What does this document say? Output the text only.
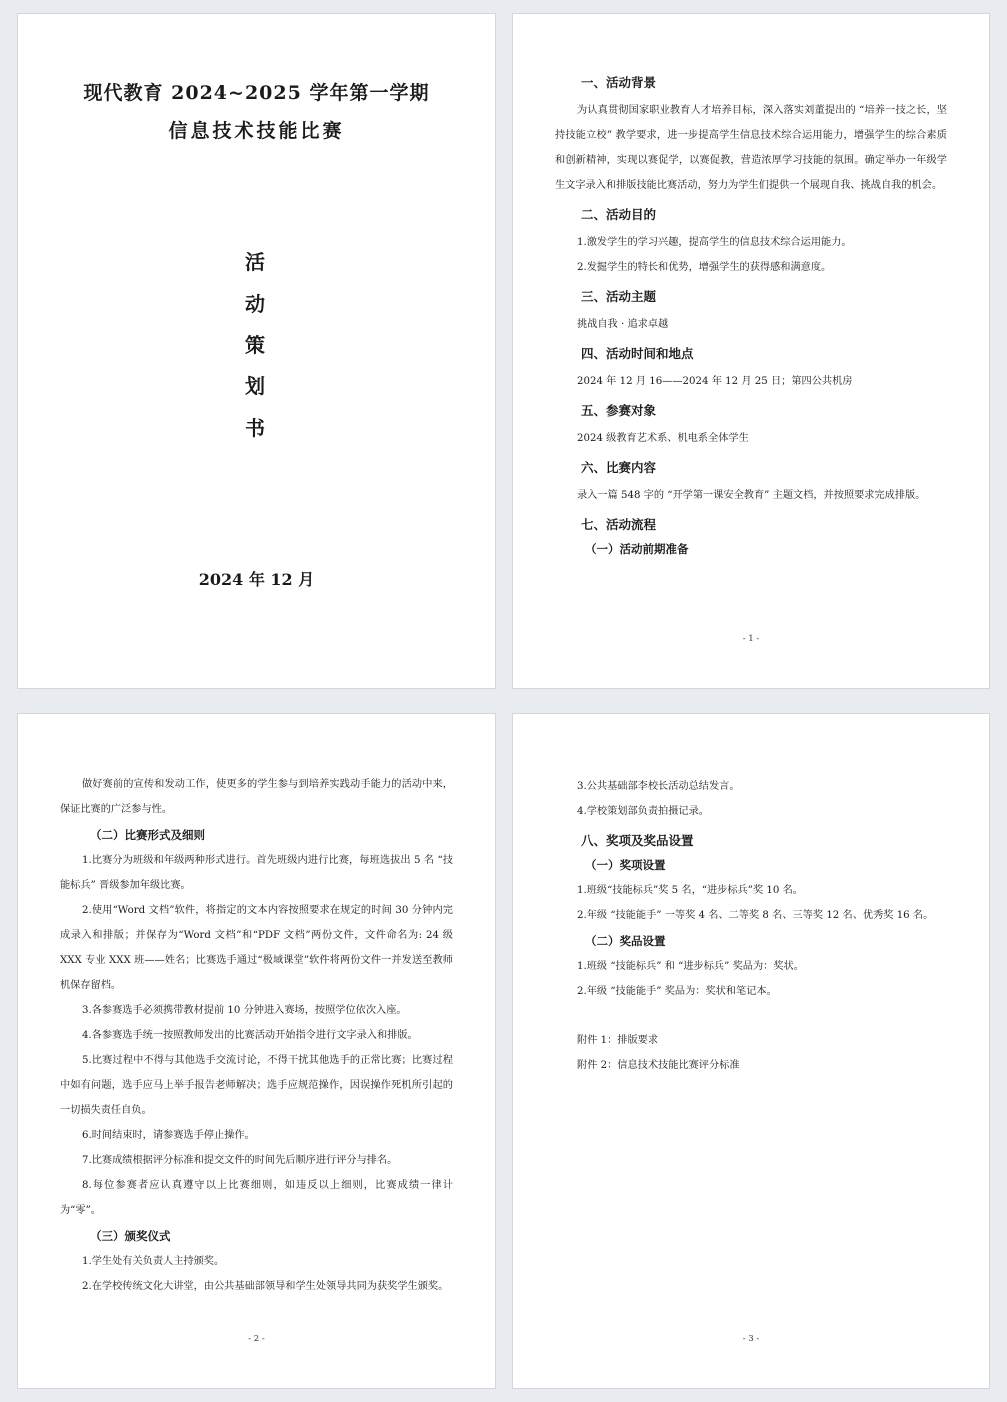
现代教育 2024~2025 学年第一学期
信息技术技能比赛
活
动
策
划
书
2024 年 12 月
一、活动背景
为认真贯彻国家职业教育人才培养目标，深入落实刘董提出的 “培养一技之长，坚持技能立校” 教学要求，进一步提高学生信息技术综合运用能力，增强学生的综合素质和创新精神，实现以赛促学，以赛促教，营造浓厚学习技能的氛围。确定举办一年级学生文字录入和排版技能比赛活动，努力为学生们提供一个展现自我、挑战自我的机会。
二、活动目的
1.激发学生的学习兴趣，提高学生的信息技术综合运用能力。
2.发掘学生的特长和优势，增强学生的获得感和满意度。
三、活动主题
挑战自我 · 追求卓越
四、活动时间和地点
2024 年 12 月 16——2024 年 12 月 25 日；第四公共机房
五、参赛对象
2024 级教育艺术系、机电系全体学生
六、比赛内容
录入一篇 548 字的 “开学第一课安全教育” 主题文档，并按照要求完成排版。
七、活动流程
（一）活动前期准备
- 1 -
做好赛前的宣传和发动工作，使更多的学生参与到培养实践动手能力的活动中来，保证比赛的广泛参与性。
（二）比赛形式及细则
1.比赛分为班级和年级两种形式进行。首先班级内进行比赛，每班选拔出 5 名 “技能标兵” 晋级参加年级比赛。
2.使用“Word 文档”软件，将指定的文本内容按照要求在规定的时间 30 分钟内完成录入和排版；并保存为“Word 文档”和“PDF 文档”两份文件，文件命名为: 24 级 XXX 专业 XXX 班——姓名；比赛选手通过“极域课堂”软件将两份文件一并发送至教师机保存留档。
3.各参赛选手必须携带教材提前 10 分钟进入赛场，按照学位依次入座。
4.各参赛选手统一按照教师发出的比赛活动开始指令进行文字录入和排版。
5.比赛过程中不得与其他选手交流讨论，不得干扰其他选手的正常比赛；比赛过程中如有问题，选手应马上举手报告老师解决；选手应规范操作，因误操作死机所引起的一切损失责任自负。
6.时间结束时，请参赛选手停止操作。
7.比赛成绩根据评分标准和提交文件的时间先后顺序进行评分与排名。
8.每位参赛者应认真遵守以上比赛细则，如违反以上细则，比赛成绩一律计为“零”。
（三）颁奖仪式
1.学生处有关负责人主持颁奖。
2.在学校传统文化大讲堂，由公共基础部领导和学生处领导共同为获奖学生颁奖。
- 2 -
3.公共基础部李校长活动总结发言。
4.学校策划部负责拍摄记录。
八、奖项及奖品设置
（一）奖项设置
1.班级“技能标兵”奖 5 名，“进步标兵”奖 10 名。
2.年级 “技能能手” 一等奖 4 名、二等奖 8 名、三等奖 12 名、优秀奖 16 名。
（二）奖品设置
1.班级 “技能标兵” 和 “进步标兵” 奖品为：奖状。
2.年级 “技能能手” 奖品为：奖状和笔记本。
附件 1：排版要求
附件 2：信息技术技能比赛评分标准
- 3 -
